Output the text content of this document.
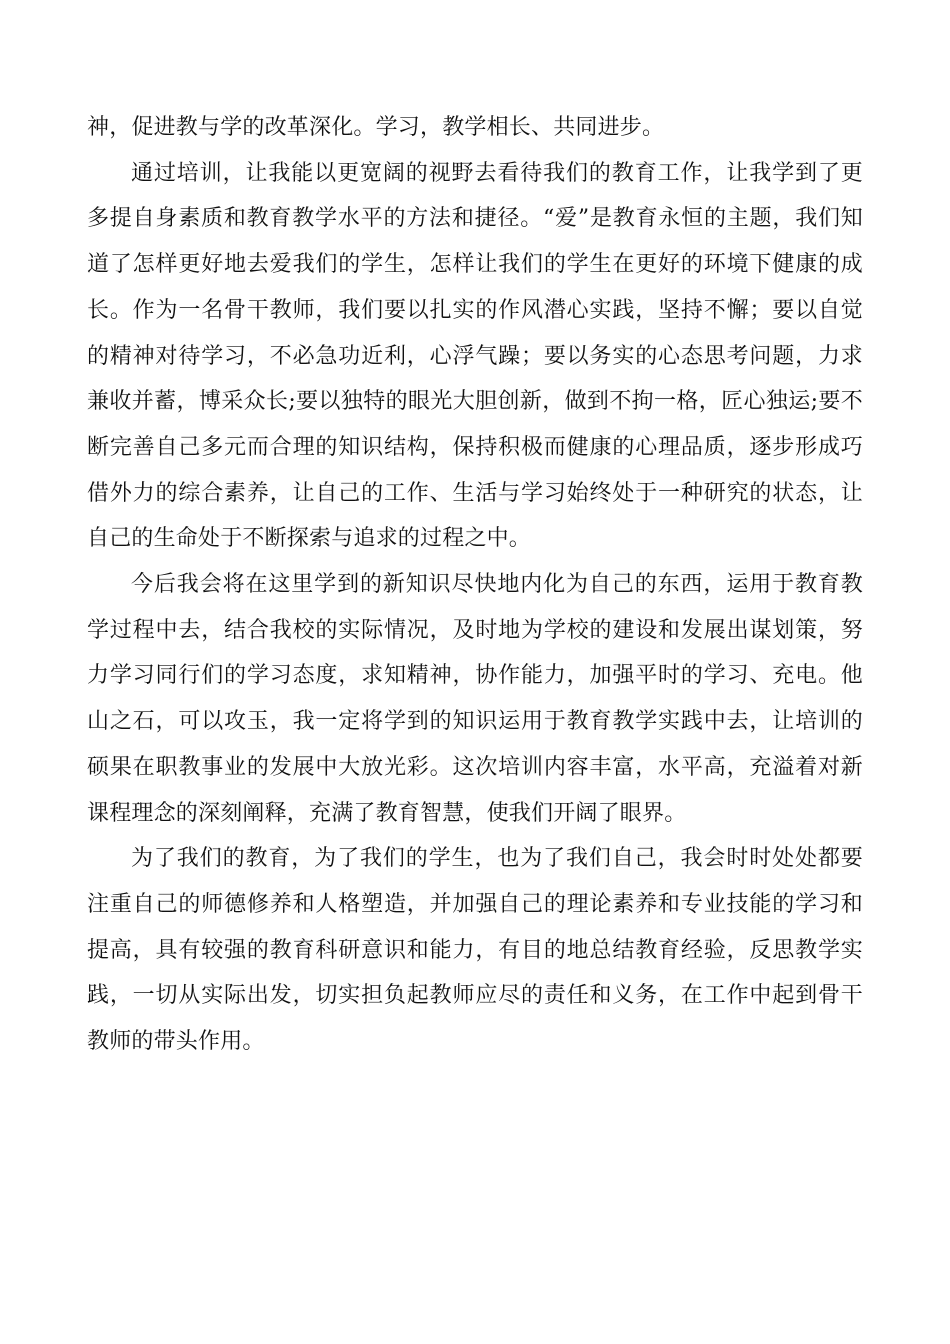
神，促进教与学的改革深化。学习，教学相长、共同进步。

通过培训，让我能以更宽阔的视野去看待我们的教育工作，让我学到了更多提自身素质和教育教学水平的方法和捷径。“爱”是教育永恒的主题，我们知道了怎样更好地去爱我们的学生，怎样让我们的学生在更好的环境下健康的成长。作为一名骨干教师，我们要以扎实的作风潜心实践，坚持不懈；要以自觉的精神对待学习，不必急功近利，心浮气躁；要以务实的心态思考问题，力求兼收并蓄，博采众长;要以独特的眼光大胆创新，做到不拘一格，匠心独运;要不断完善自己多元而合理的知识结构，保持积极而健康的心理品质，逐步形成巧借外力的综合素养，让自己的工作、生活与学习始终处于一种研究的状态，让自己的生命处于不断探索与追求的过程之中。

今后我会将在这里学到的新知识尽快地内化为自己的东西，运用于教育教学过程中去，结合我校的实际情况，及时地为学校的建设和发展出谋划策，努力学习同行们的学习态度，求知精神，协作能力，加强平时的学习、充电。他山之石，可以攻玉，我一定将学到的知识运用于教育教学实践中去，让培训的硕果在职教事业的发展中大放光彩。这次培训内容丰富，水平高，充溢着对新课程理念的深刻阐释，充满了教育智慧，使我们开阔了眼界。

为了我们的教育，为了我们的学生，也为了我们自己，我会时时处处都要注重自己的师德修养和人格塑造，并加强自己的理论素养和专业技能的学习和提高，具有较强的教育科研意识和能力，有目的地总结教育经验，反思教学实践，一切从实际出发，切实担负起教师应尽的责任和义务，在工作中起到骨干教师的带头作用。
